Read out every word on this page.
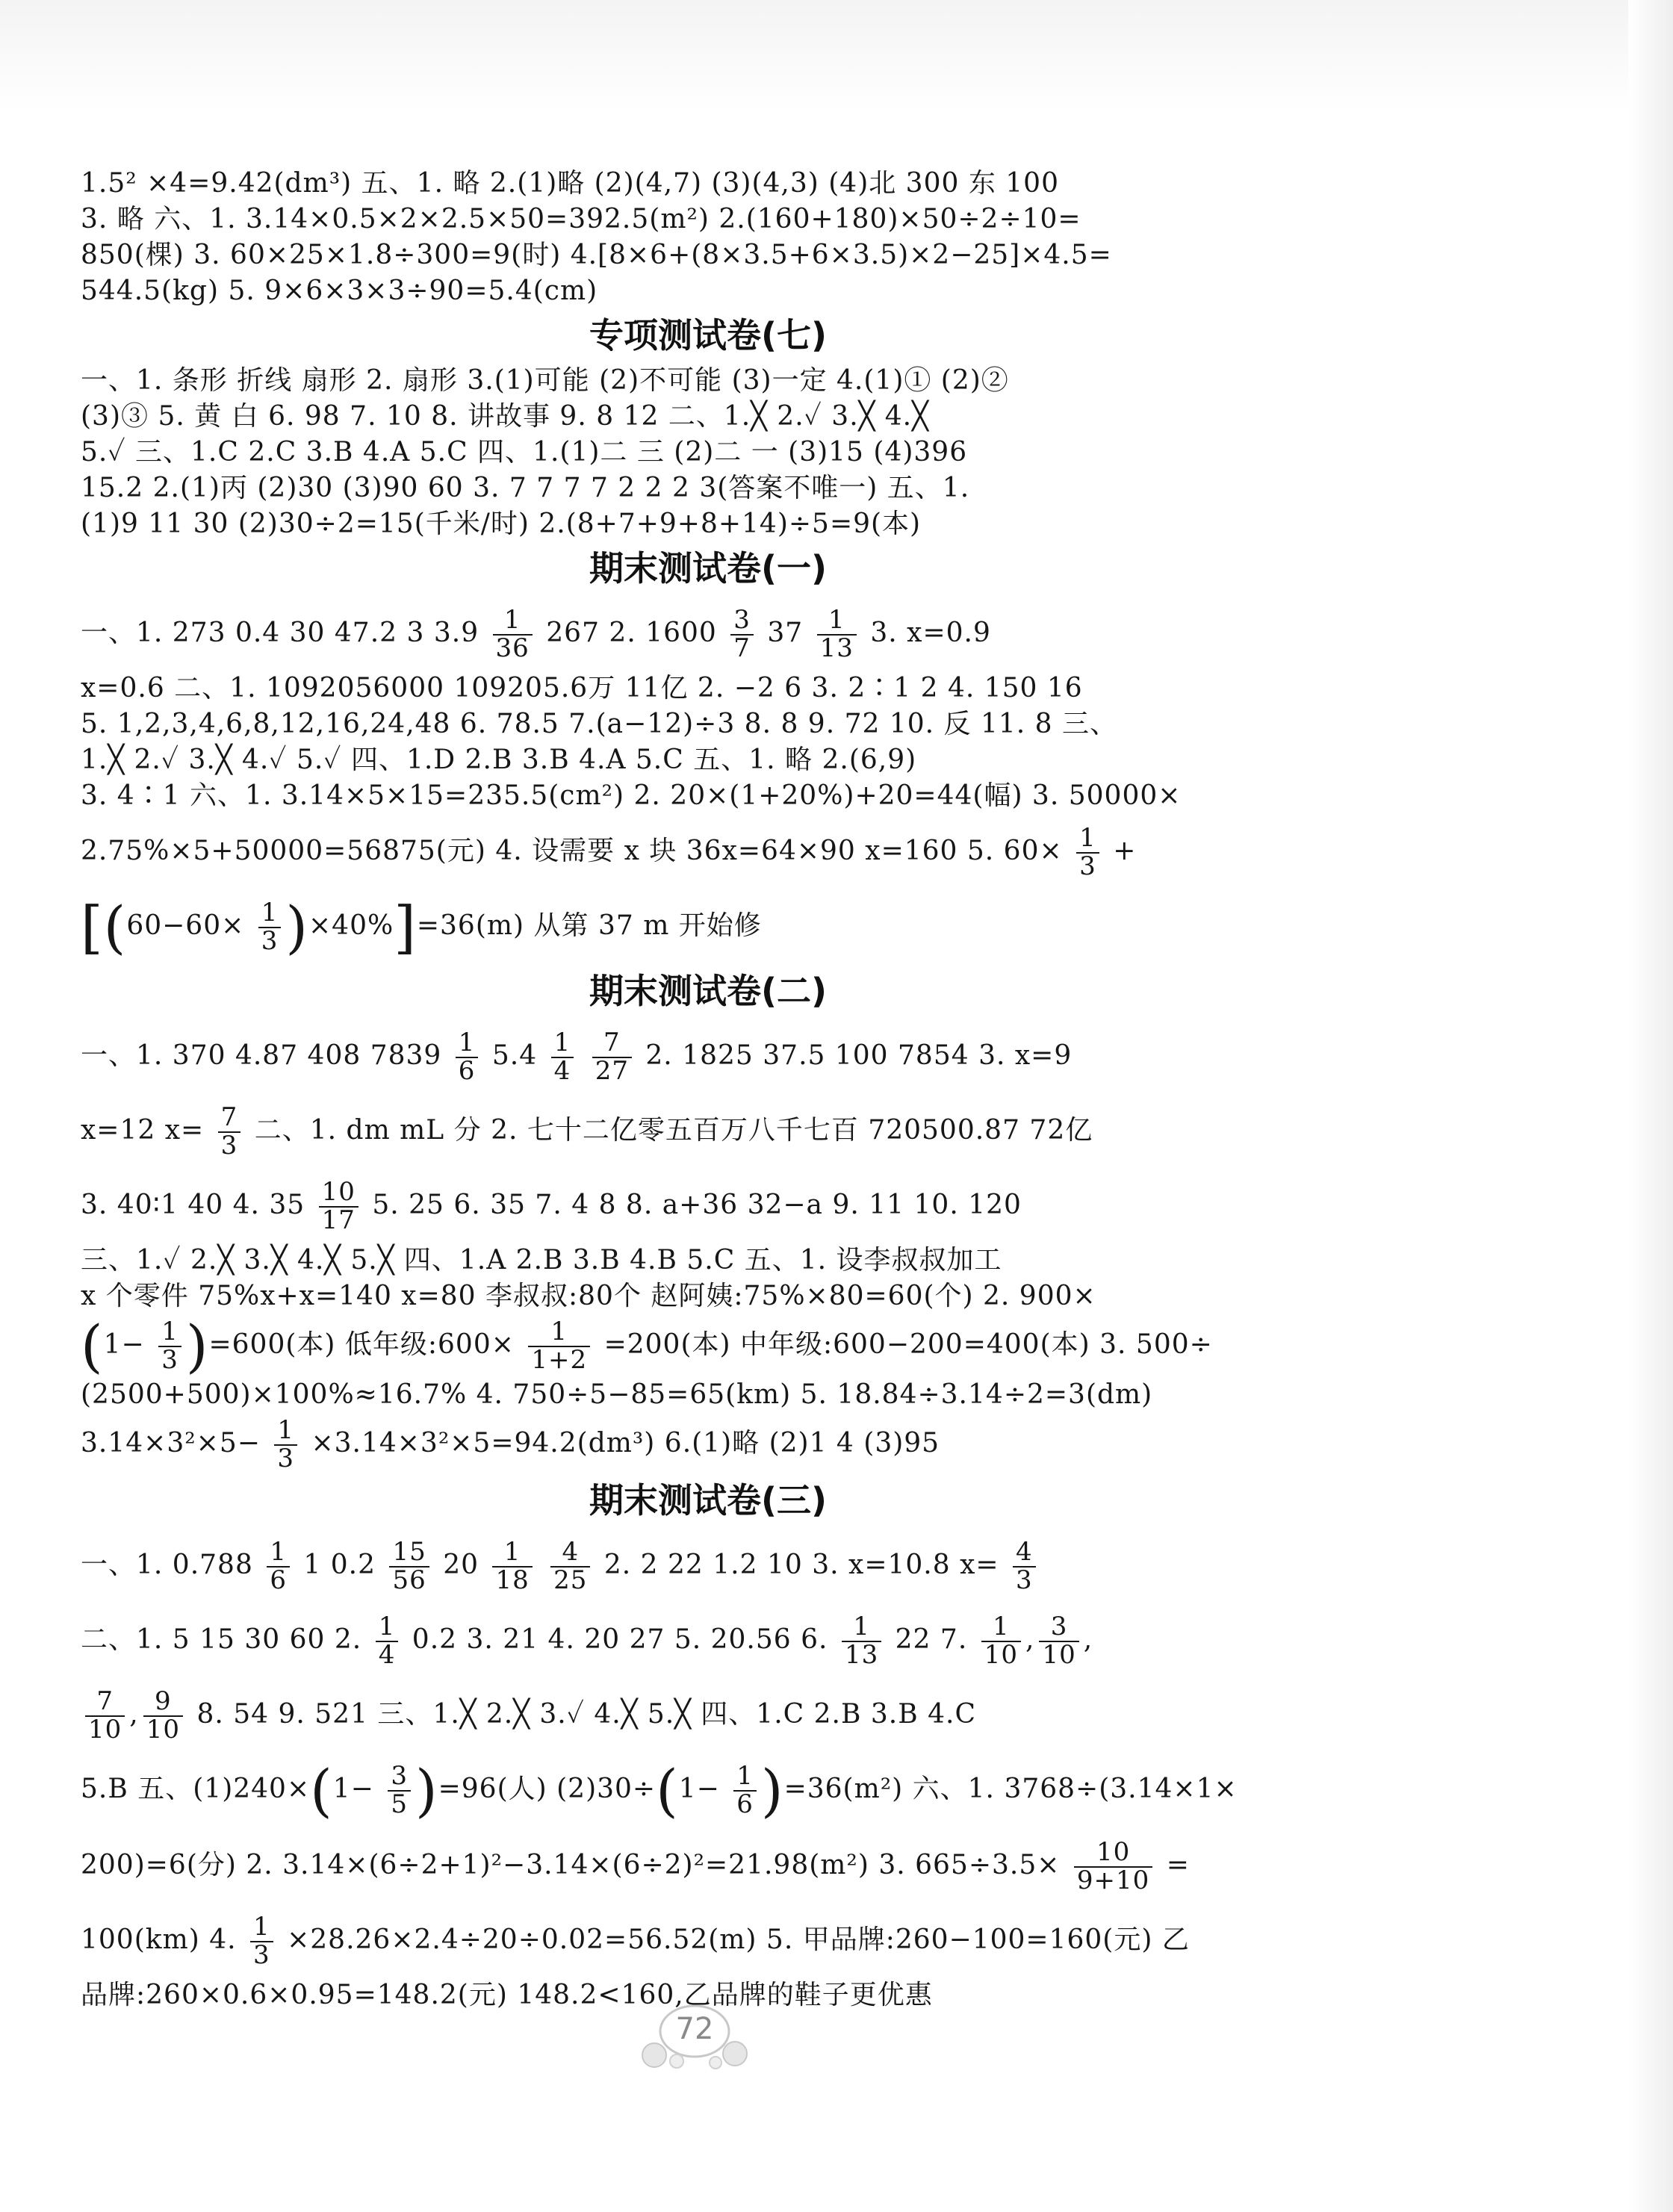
1.5² ×4=9.42(dm³) 五、1. 略 2.(1)略 (2)(4,7) (3)(4,3) (4)北 300 东 100
3. 略 六、1. 3.14×0.5×2×2.5×50=392.5(m²) 2.(160+180)×50÷2÷10=
850(棵) 3. 60×25×1.8÷300=9(时) 4.[8×6+(8×3.5+6×3.5)×2−25]×4.5=
544.5(kg) 5. 9×6×3×3÷90=5.4(cm)
专项测试卷(七)
一、1. 条形 折线 扇形 2. 扇形 3.(1)可能 (2)不可能 (3)一定 4.(1)① (2)②
(3)③ 5. 黄 白 6. 98 7. 10 8. 讲故事 9. 8 12 二、1.╳ 2.✓ 3.╳ 4.╳
5.✓ 三、1.C 2.C 3.B 4.A 5.C 四、1.(1)二 三 (2)二 一 (3)15 (4)396
15.2 2.(1)丙 (2)30 (3)90 60 3. 7 7 7 7 2 2 2 3(答案不唯一) 五、1.
(1)9 11 30 (2)30÷2=15(千米/时) 2.(8+7+9+8+14)÷5=9(本)
期末测试卷(一)
一、1. 273 0.4 30 47.2 3 $3.9 \frac{1}{36} 267$ 2. $1600 \frac{3}{7} 37 \frac{1}{13} 3$. x=0.9
x=0.6 二、1. 1092056000 109205.6万 11亿 2. −2 6 3. 2∶1 2 4. 150 16
5. 1,2,3,4,6,8,12,16,24,48 6. 78.5 7.(a−12)÷3 8. 8 9. 72 10. 反 11. 8 三、
1.╳ 2.✓ 3.╳ 4.✓ 5.✓ 四、1.D 2.B 3.B 4.A 5.C 五、1. 略 2.(6,9)
3. 4∶1 六、1. 3.14×5×15=235.5(cm²) 2. 20×(1+20%)+20=44(幅) 3. 50000×
2.75%×5+50000=56875(元) 4. 设需要 x 块 36x=64×90 x=160 5. $60\times \frac{1}{3}$ +
$[(60-60\times \frac{1}{3} )\times 40\%]=36(m)$ 从第 37 m 开始修
期末测试卷(二)
一、1. 370 4.87 408 $7839 \frac{1}{6} 5.4 \frac{1}{4}$
$\frac{7}{27} 2$. 1825 37.5 100 7854 3. x=9
x=12 $x= \frac{7}{3}$ 二、1. dm mL 分 2. 七十二亿零五百万八千七百 720500.87 72亿
3. 40∶1 40 4. $35 \frac{10}{17} 5$. 25 6. 35 7. 4 8 8. a+36 32−a 9. 11 10. 120
三、1.✓ 2.╳ 3.╳ 4.╳ 5.╳ 四、1.A 2.B 3.B 4.B 5.C 五、1. 设李叔叔加工
x 个零件 75%x+x=140 x=80 李叔叔:80个 赵阿姨:75%×80=60(个) 2. 900×
$(1- \frac{1}{3} )=600$(本) 低年级:600× $\frac{1}{1+2} =200$(本) 中年级:600−200=400(本) 3. 500÷
(2500+500)×100%≈16.7% 4. 750÷5−85=65(km) 5. 18.84÷3.14÷2=3(dm)
$3.14\times 3^2\times 5- \frac{1}{3} \times 3.14\times 3^2\times 5=94.2(dm^3)$ 6.(1)略 (2)1 4 (3)95
期末测试卷(三)
一、1. $0.788 \frac{1}{6} 1$ $0.2 \frac{15}{56} 20 \frac{1}{18}$
$\frac{4}{25} 2$. 2 22 1.2 10 3. x=10.8 $x= \frac{4}{3}$
二、1. 5 15 30 60 2. $\frac{1}{4} 0.2$ 3. 21 4. 20 27 5. 20.56 6. $\frac{1}{13} 22$ 7. $\frac{1}{10}$ , $\frac{3}{10}$ ,
$\frac{7}{10}$ , $\frac{9}{10} 8$. 54 9. 521 三、1.╳ 2.╳ 3.✓ 4.╳ 5.╳ 四、1.C 2.B 3.B 4.C
5.B 五、$(1)240\times(1- \frac{3}{5} )=96$(人) $(2)30\div(1- \frac{1}{6} )=36(m^2)$ 六、1. 3768÷(3.14×1×
200)=6(分) 2. 3.14×(6÷2+1)²−3.14×(6÷2)²=21.98(m²) 3. $665\div 3.5\times \frac{10}{9+10}$ =
100(km) 4. $\frac{1}{3} \times 28.26\times 2.4\div 20\div 0.02=56.52(m)$ 5. 甲品牌:260−100=160(元) 乙
品牌:260×0.6×0.95=148.2(元) 148.2<160,乙品牌的鞋子更优惠
72
